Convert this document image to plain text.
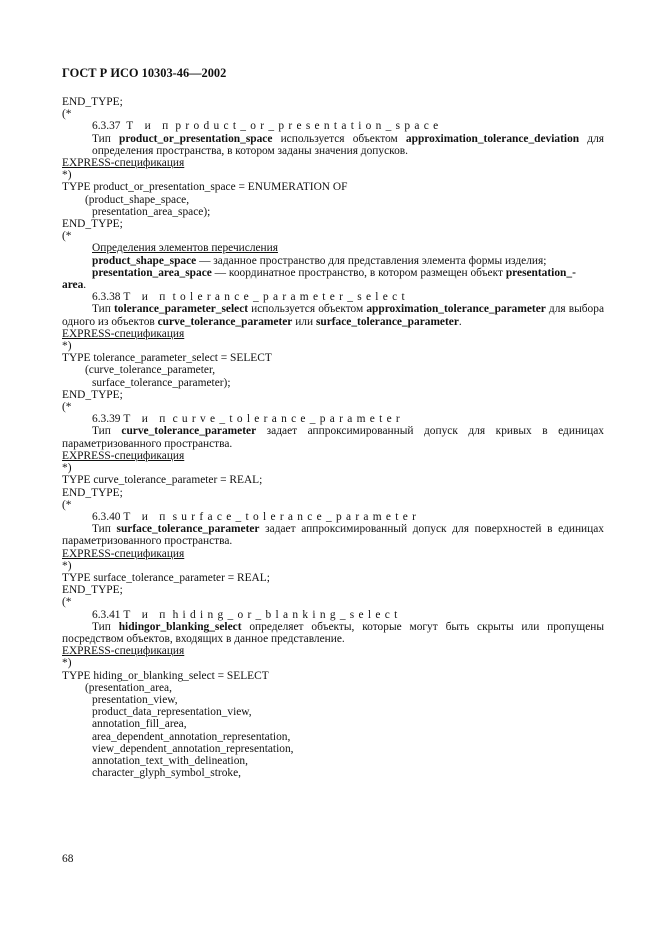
ГОСТ Р ИСО 10303-46—2002
END_TYPE;
(*
6.3.37 Т и п product_or_presentation_space
Тип product_or_presentation_space используется объектом approximation_tolerance_deviation для определения пространства, в котором заданы значения допусков.
EXPRESS-спецификация
*)
TYPE product_or_presentation_space = ENUMERATION OF
(product_shape_space,
presentation_area_space);
END_TYPE;
(*
Определения элементов перечисления
product_shape_space — заданное пространство для представления элемента формы изделия;
presentation_area_space — координатное пространство, в котором размещен объект presentation_-
area.
6.3.38 Т и п tolerance_parameter_select
Тип tolerance_parameter_select используется объектом approximation_tolerance_parameter для выбора одного из объектов curve_tolerance_parameter или surface_tolerance_parameter.
EXPRESS-спецификация
*)
TYPE tolerance_parameter_select = SELECT
(curve_tolerance_parameter,
surface_tolerance_parameter);
END_TYPE;
(*
6.3.39 Т и п curve_tolerance_parameter
Тип curve_tolerance_parameter задает аппроксимированный допуск для кривых в единицах параметризованного пространства.
EXPRESS-спецификация
*)
TYPE curve_tolerance_parameter = REAL;
END_TYPE;
(*
6.3.40 Т и п surface_tolerance_parameter
Тип surface_tolerance_parameter задает аппроксимированный допуск для поверхностей в единицах параметризованного пространства.
EXPRESS-спецификация
*)
TYPE surface_tolerance_parameter = REAL;
END_TYPE;
(*
6.3.41 Т и п hiding_or_blanking_select
Тип hidingor_blanking_select определяет объекты, которые могут быть скрыты или пропущены посредством объектов, входящих в данное представление.
EXPRESS-спецификация
*)
TYPE hiding_or_blanking_select = SELECT
(presentation_area,
presentation_view,
product_data_representation_view,
annotation_fill_area,
area_dependent_annotation_representation,
view_dependent_annotation_representation,
annotation_text_with_delineation,
character_glyph_symbol_stroke,
68
